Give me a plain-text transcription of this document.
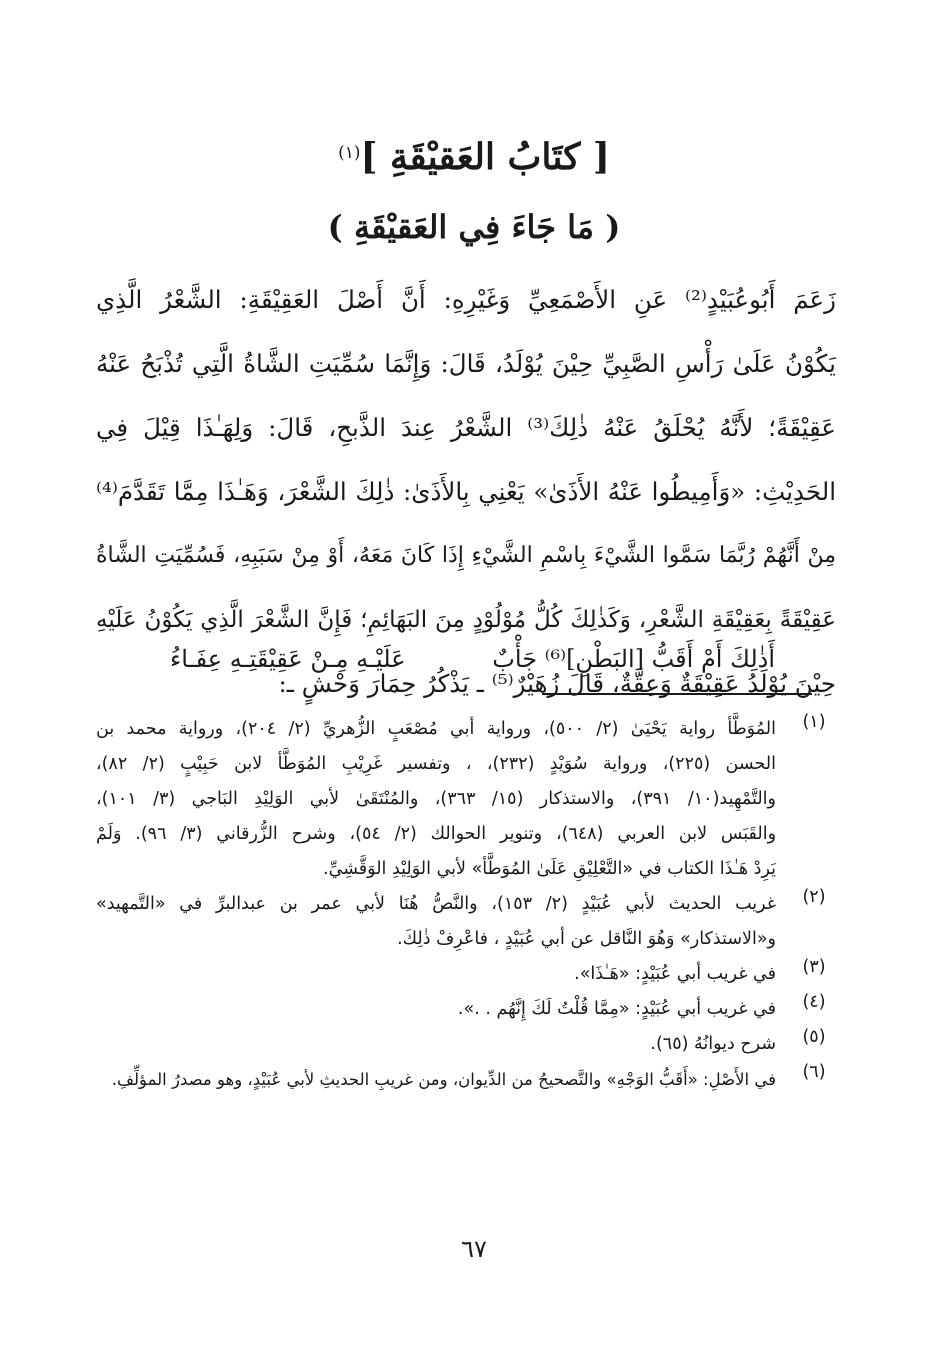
[ كتَابُ العَقيْقَةِ ]$^{(١)}$
( مَا جَاءَ فِي العَقيْقَةِ )
زَعَمَ أَبُوعُبَيْدٍ⁽²⁾ عَنِ الأَصْمَعِيِّ وَغَيْرِهِ: أَنَّ أَصْلَ العَقِيْقَةِ: الشَّعْرُ الَّذِي
يَكُوْنُ عَلَىٰ رَأْسِ الصَّبِيِّ حِيْنَ يُوْلَدُ، قَالَ: وَإِنَّمَا سُمِّيَتِ الشَّاةُ الَّتِي تُذْبَحُ عَنْهُ
عَقِيْقَةً؛ لأَنَّهُ يُحْلَقُ عَنْهُ ذٰلِكَ⁽³⁾ الشَّعْرُ عِندَ الذَّبحِ، قَالَ: وَلِهَـٰذَا قِيْلَ فِي
الحَدِيْثِ: «وَأَمِيطُوا عَنْهُ الأَذَىٰ» يَعْنِي بِالأَذَىٰ: ذٰلِكَ الشَّعْرَ، وَهَـٰذَا مِمَّا تَقَدَّمَ⁽⁴⁾
مِنْ أَنَّهُمْ رُبَّمَا سَمَّوا الشَّيْءَ بِاسْمِ الشَّيْءِ إِذَا كَانَ مَعَهُ، أَوْ مِنْ سَبَبِهِ، فَسُمِّيَتِ الشَّاةُ
عَقِيْقَةً بِعَقِيْقَةِ الشَّعْرِ، وَكَذٰلِكَ كُلُّ مُوْلُوْدٍ مِنَ البَهَائِمِ؛ فَإِنَّ الشَّعْرَ الَّذِي يَكُوْنُ عَلَيْهِ
حِيْنَ يُوْلَدُ عَقِيْقَةٌ وَعِقَّةٌ، قَالَ زُهَيْرٌ⁽⁵⁾ ـ يَذْكُرُ حِمَارَ وَحْشٍ ـ:
أَذٰلِكَ أَمْ أَقَبُّ [البَطْنِ]⁽⁶⁾ جَأْبٌ
عَلَيْـهِ مِـنْ عَقِيْقَتِـهِ عِفَـاءُ
(١)
المُوَطَّأ رواية يَحْيَىٰ (٢/ ٥٠٠)، ورواية أبي مُصْعَبٍ الزُّهريِّ (٢/ ٢٠٤)، ورواية محمد بن
الحسن (٢٢٥)، ورواية سُوَيْدٍ (٢٣٢)، ، وتفسير غَرِيْبِ المُوَطَّأ لابن حَبِيْبٍ (٢/ ٨٢)،
والتَّمْهِيد(١٠/ ٣٩١)، والاستذكار (١٥/ ٣٦٣)، والمُنْتَقَىٰ لأبي الوَلِيْدِ البَاجي (٣/ ١٠١)،
والقَبَس لابن العربي (٦٤٨)، وتنوير الحوالك (٢/ ٥٤)، وشرح الزُّرقاني (٣/ ٩٦). وَلَمْ
يَرِدْ هَـٰذَا الكتاب في «التَّعْلِيْقِ عَلَىٰ المُوَطَّأ» لأبي الوَلِيْدِ الوَقَّشِيِّ.
(٢)
غريب الحديث لأبي عُبَيْدٍ (٢/ ١٥٣)، والنَّصُّ هُنَا لأبي عمر بن عبدالبرِّ في «التَّمهيد»
و«الاستذكار» وَهُوَ النَّاقل عن أبي عُبَيْدٍ ، فاعْرِفْ ذٰلِكَ.
(٣)
في غريب أبي عُبَيْدٍ: «هَـٰذَا».
(٤)
في غريب أبي عُبَيْدٍ: «مِمَّا قُلْتُ لَكَ إِنَّهُم . .».
(٥)
شرح ديوانُهُ (٦٥).
(٦)
في الأَصْلِ: «أَقَبُّ الوَجْهِ» والتَّصحيحُ من الدِّيوان، ومن غريبِ الحديثِ لأبي عُبَيْدٍ، وهو مصدرُ المؤلِّفِ.
٦٧
